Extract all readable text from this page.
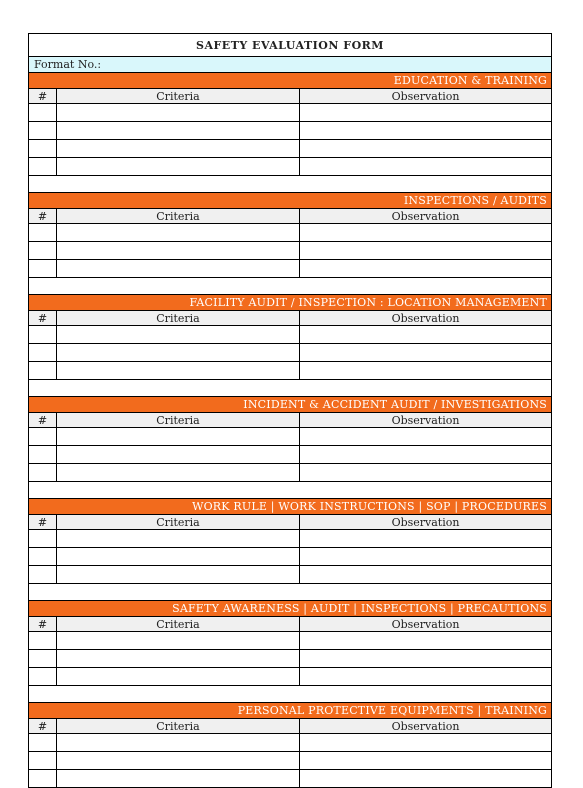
SAFETY EVALUATION FORM		
Format No.:		
EDUCATION & TRAINING		
#	Criteria	Observation

INSPECTIONS / AUDITS		
#	Criteria	Observation

FACILITY AUDIT / INSPECTION : LOCATION MANAGEMENT		
#	Criteria	Observation

INCIDENT & ACCIDENT AUDIT / INVESTIGATIONS		
#	Criteria	Observation

WORK RULE | WORK INSTRUCTIONS | SOP | PROCEDURES		
#	Criteria	Observation

SAFETY AWARENESS | AUDIT | INSPECTIONS | PRECAUTIONS		
#	Criteria	Observation

PERSONAL PROTECTIVE EQUIPMENTS | TRAINING		
#	Criteria	Observation
